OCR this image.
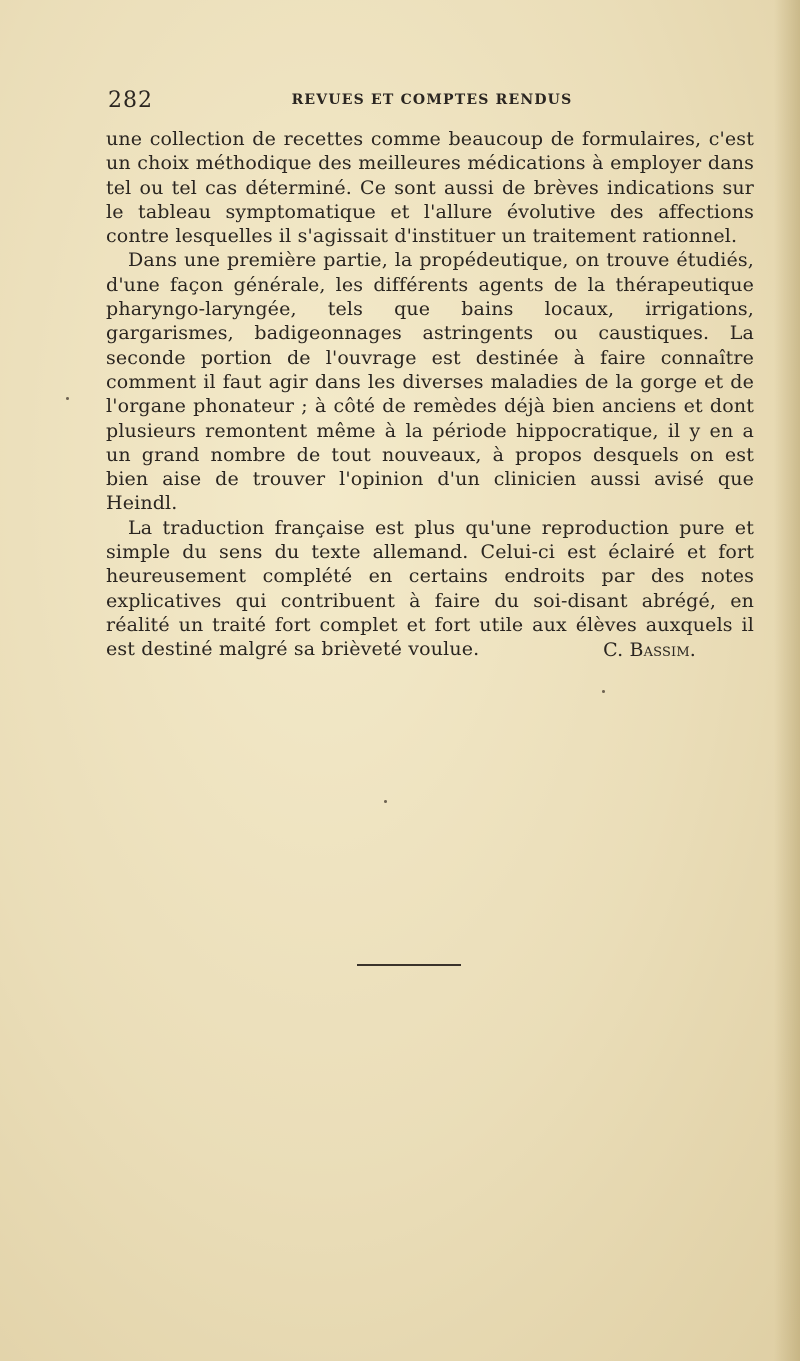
282	REVUES ET COMPTES RENDUS

une collection de recettes comme beaucoup de formulaires, c'est un choix méthodique des meilleures médications à employer dans tel ou tel cas déterminé. Ce sont aussi de brèves indications sur le tableau symptomatique et l'allure évolutive des affections contre lesquelles il s'agissait d'instituer un traitement rationnel.

Dans une première partie, la propédeutique, on trouve étudiés, d'une façon générale, les différents agents de la thérapeutique pharyngo-laryngée, tels que bains locaux, irrigations, gargarismes, badigeonnages astringents ou caustiques. La seconde portion de l'ouvrage est destinée à faire connaître comment il faut agir dans les diverses maladies de la gorge et de l'organe phonateur ; à côté de remèdes déjà bien anciens et dont plusieurs remontent même à la période hippocratique, il y en a un grand nombre de tout nouveaux, à propos desquels on est bien aise de trouver l'opinion d'un clinicien aussi avisé que Heindl.

La traduction française est plus qu'une reproduction pure et simple du sens du texte allemand. Celui-ci est éclairé et fort heureusement complété en certains endroits par des notes explicatives qui contribuent à faire du soi-disant abrégé, en réalité un traité fort complet et fort utile aux élèves auxquels il est destiné malgré sa brièveté voulue.	C. Bassim.
